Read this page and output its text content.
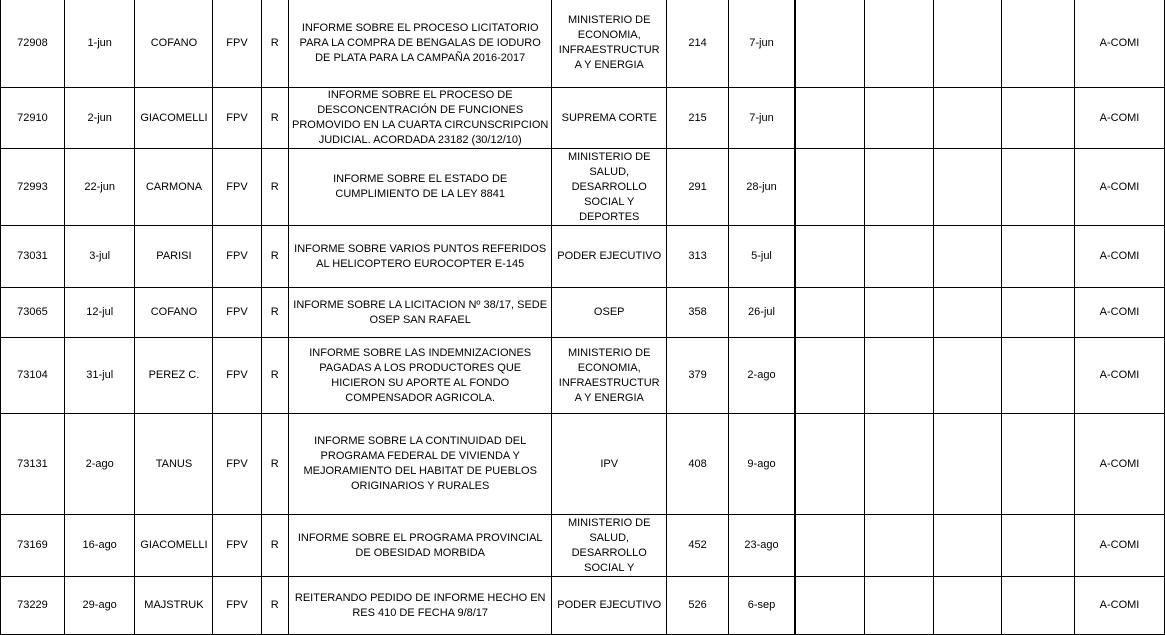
72908	1-jun	COFANO	FPV	R	INFORME SOBRE EL PROCESO LICITATORIO PARA LA COMPRA DE BENGALAS DE IODURO DE PLATA PARA LA CAMPAÑA 2016-2017	MINISTERIO DE ECONOMIA, INFRAESTRUCTURA Y ENERGIA	214	7-jun					A-COMI
72910	2-jun	GIACOMELLI	FPV	R	INFORME SOBRE EL PROCESO DE DESCONCENTRACIÓN DE FUNCIONES PROMOVIDO EN LA CUARTA CIRCUNSCRIPCION JUDICIAL. ACORDADA 23182 (30/12/10)	SUPREMA CORTE	215	7-jun					A-COMI
72993	22-jun	CARMONA	FPV	R	INFORME SOBRE EL ESTADO DE CUMPLIMIENTO DE LA LEY 8841	MINISTERIO DE SALUD, DESARROLLO SOCIAL Y DEPORTES	291	28-jun					A-COMI
73031	3-jul	PARISI	FPV	R	INFORME SOBRE VARIOS PUNTOS REFERIDOS AL HELICOPTERO EUROCOPTER E-145	PODER EJECUTIVO	313	5-jul					A-COMI
73065	12-jul	COFANO	FPV	R	INFORME SOBRE LA LICITACION Nº 38/17, SEDE OSEP SAN RAFAEL	OSEP	358	26-jul					A-COMI
73104	31-jul	PEREZ C.	FPV	R	INFORME SOBRE LAS INDEMNIZACIONES PAGADAS A LOS PRODUCTORES QUE HICIERON SU APORTE AL FONDO COMPENSADOR AGRICOLA.	MINISTERIO DE ECONOMIA, INFRAESTRUCTURA Y ENERGIA	379	2-ago					A-COMI
73131	2-ago	TANUS	FPV	R	INFORME SOBRE LA CONTINUIDAD DEL PROGRAMA FEDERAL DE VIVIENDA Y MEJORAMIENTO DEL HABITAT DE PUEBLOS ORIGINARIOS Y RURALES	IPV	408	9-ago					A-COMI
73169	16-ago	GIACOMELLI	FPV	R	INFORME SOBRE EL PROGRAMA PROVINCIAL DE OBESIDAD MORBIDA	MINISTERIO DE SALUD, DESARROLLO SOCIAL Y	452	23-ago					A-COMI
73229	29-ago	MAJSTRUK	FPV	R	REITERANDO PEDIDO DE INFORME HECHO EN RES 410 DE FECHA 9/8/17	PODER EJECUTIVO	526	6-sep					A-COMI
